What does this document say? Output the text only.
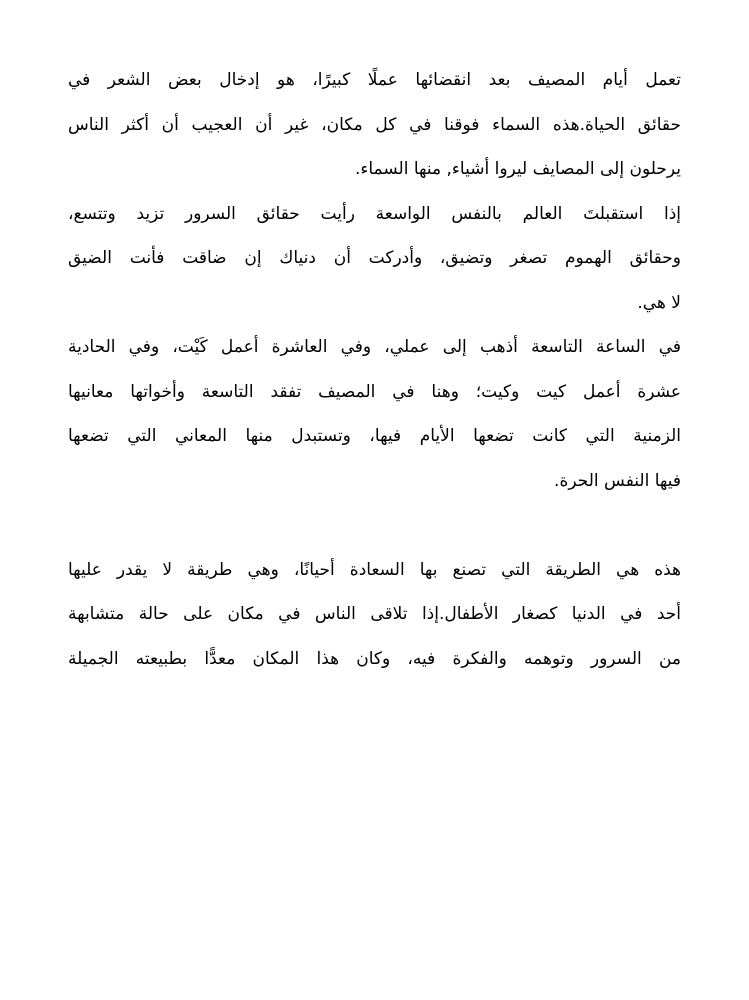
تعمل أيام المصيف بعد انقضائها عملًا كبيرًا، هو إدخال بعض الشعر في
حقائق الحياة.هذه السماء فوقنا في كل مكان، غير أن العجيب أن أكثر الناس
يرحلون إلى المصايف ليروا أشياء, منها السماء.
إذا استقبلتَ العالم بالنفس الواسعة رأيت حقائق السرور تزيد وتتسع،
وحقائق الهموم تصغر وتضيق، وأدركت أن دنياك إن ضاقت فأنت الضيق
لا هي.
في الساعة التاسعة أذهب إلى عملي، وفي العاشرة أعمل كَيْت، وفي الحادية
عشرة أعمل كيت وكيت؛ وهنا في المصيف تفقد التاسعة وأخواتها معانيها
الزمنية التي كانت تضعها الأيام فيها، وتستبدل منها المعاني التي تضعها
فيها النفس الحرة.
هذه هي الطريقة التي تصنع بها السعادة أحيانًا، وهي طريقة لا يقدر عليها
أحد في الدنيا كصغار الأطفال.إذا تلاقى الناس في مكان على حالة متشابهة
من السرور وتوهمه والفكرة فيه، وكان هذا المكان معدًّا بطبيعته الجميلة
